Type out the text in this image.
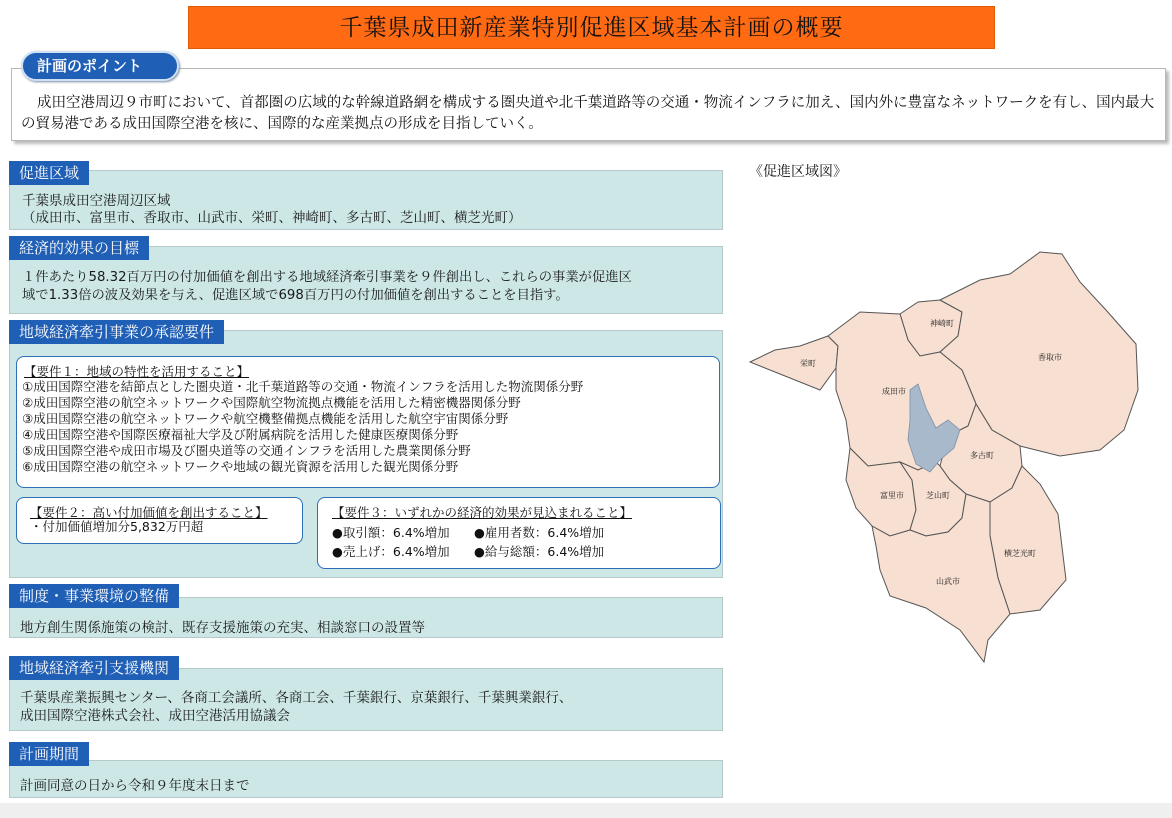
千葉県成田新産業特別促進区域基本計画の概要
成田空港周辺９市町において、首都圏の広域的な幹線道路網を構成する圏央道や北千葉道路等の交通・物流インフラに加え、国内外に豊富なネットワークを有し、国内最大の貿易港である成田国際空港を核に、国際的な産業拠点の形成を目指していく。
計画のポイント
促進区域
千葉県成田空港周辺区域
（成田市、富里市、香取市、山武市、栄町、神崎町、多古町、芝山町、横芝光町）
経済的効果の目標
１件あたり58.32百万円の付加価値を創出する地域経済牽引事業を９件創出し、これらの事業が促進区
域で1.33倍の波及効果を与え、促進区域で698百万円の付加価値を創出することを目指す。
地域経済牽引事業の承認要件
【要件１：地域の特性を活用すること】
①成田国際空港を結節点とした圏央道・北千葉道路等の交通・物流インフラを活用した物流関係分野
②成田国際空港の航空ネットワークや国際航空物流拠点機能を活用した精密機器関係分野
③成田国際空港の航空ネットワークや航空機整備拠点機能を活用した航空宇宙関係分野
④成田国際空港や国際医療福祉大学及び附属病院を活用した健康医療関係分野
⑤成田国際空港や成田市場及び圏央道等の交通インフラを活用した農業関係分野
⑥成田国際空港の航空ネットワークや地域の観光資源を活用した観光関係分野
【要件２：高い付加価値を創出すること】
・付加価値増加分5,832万円超
【要件３：いずれかの経済的効果が見込まれること】
●取引額：6.4%増加 ●雇用者数：6.4%増加
●売上げ：6.4%増加 ●給与総額：6.4%増加
制度・事業環境の整備
地方創生関係施策の検討、既存支援施策の充実、相談窓口の設置等
地域経済牽引支援機関
千葉県産業振興センター、各商工会議所、各商工会、千葉銀行、京葉銀行、千葉興業銀行、
成田国際空港株式会社、成田空港活用協議会
計画期間
計画同意の日から令和９年度末日まで
《促進区域図》
神崎町
栄町
成田市
香取市
多古町
富里市	芝山町
横芝光町
山武市
